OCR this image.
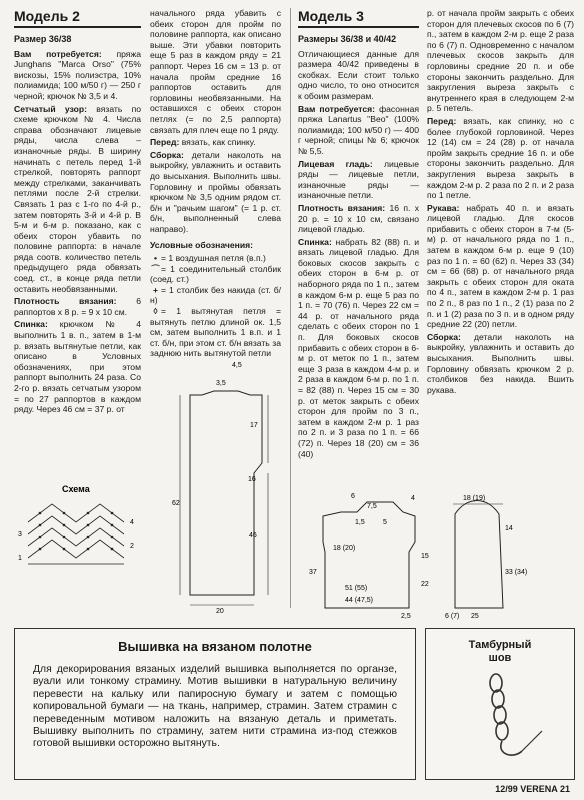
Модель 2
Размер 36/38

Вам потребуется: пряжа Junghans "Marca Orso" (75% вискозы, 15% полиэстра, 10% полиамида; 100 м/50 г) — 250 г черной; крючок № 3,5 и 4.

Сетчатый узор: вязать по схеме крючком № 4. Числа справа обозначают лицевые ряды, числа слева – изнаночные ряды. В ширину начинать с петель перед 1-й стрелкой, повторять раппорт между стрелками, заканчивать петлями после 2-й стрелки. Связать 1 раз с 1-го по 4-й р., затем повторять 3-й и 4-й р. В 5-м и 6-м р. показано, как с обеих сторон убавить по половине раппорта: в начале ряда соотв. количество петель предыдущего ряда обвязать соед. ст., в конце ряда петли оставить необвязанными.

Плотность вязания: 6 раппортов х 8 р. = 9 х 10 см.

Спинка: крючком № 4 выполнить 1 в. п., затем в 1-м р. вязать вытянутые петли, как описано в Условных обозначениях, при этом раппорт выполнить 24 раза. Со 2-го р. вязать сетчатым узором = по 27 раппортов в каждом ряду. Через 46 см = 37 р. от

начального ряда убавить с обеих сторон для пройм по половине раппорта, как описано выше. Эти убавки повторить еще 5 раз в каждом ряду = 21 раппорт. Через 16 см = 13 р. от начала пройм средние 16 раппортов оставить для горловины необвязанными. На оставшихся с обеих сторон петлях (= по 2,5 раппорта) связать для плеч еще по 1 ряду.

Перед: вязать, как спинку.

Сборка: детали наколоть на выкройку, увлажнить и оставить до высыхания. Выполнить швы. Горловину и проймы обвязать крючком № 3,5 одним рядом ст. б/н и "рачьим шагом" (= 1 р. ст. б/н, выполненный слева направо).

Условные обозначения:
• = 1 воздушная петля (в.п.)
⌒= 1 соединительный столбик (соед. ст.)
+ = 1 столбик без накида (ст. б/н)
◊ = 1 вытянутая петля = вытянуть петлю длиной ок. 1,5 см, затем выполнить 1 в.п. и 1 ст. б/н, при этом ст. б/н вязать за заднюю нить вытянутой петли
Модель 3
Размеры 36/38 и 40/42

Отличающиеся данные для размера 40/42 приведены в скобках. Если стоит только одно число, то оно относится к обоим размерам.

Вам потребуется: фасонная пряжа Lanartus "Beo" (100% полиамида; 100 м/50 г) — 400 г черной; спицы № 6; крючок № 5,5.

Лицевая гладь: лицевые ряды — лицевые петли, изнаночные ряды — изнаночные петли.

Плотность вязания: 16 п. х 20 р. = 10 х 10 см, связано лицевой гладью.

Спинка: набрать 82 (88) п. и вязать лицевой гладью. Для боковых скосов закрыть с обеих сторон в 6-м р. от наборного ряда по 1 п., затем в каждом 6-м р. еще 5 раз по 1 п. = 70 (76) п. Через 22 см = 44 р. от начального ряда сделать с обеих сторон по 1 п. Для боковых скосов прибавить с обеих сторон в 6-м р. от меток по 1 п., затем еще 3 раза в каждом 4-м р. и 2 раза в каждом 6-м р. по 1 п. = 82 (88) п. Через 15 см = 30 р. от меток закрыть с обеих сторон для пройм по 3 п., затем в каждом 2-м р. 1 раз по 2 п. и 3 раза по 1 п. = 66 (72) п. Через 18 (20) см = 36 (40)

р. от начала пройм закрыть с обеих сторон для плечевых скосов по 6 (7) п., затем в каждом 2-м р. еще 2 раза по 6 (7) п. Одновременно с началом плечевых скосов закрыть для горловины средние 20 п. и обе стороны закончить раздельно. Для закругления выреза закрыть с внутреннего края в следующем 2-м р. 5 петель.

Перед: вязать, как спинку, но с более глубокой горловиной. Через 12 (14) см = 24 (28) р. от начала пройм закрыть средние 16 п. и обе стороны закончить раздельно. Для закругления выреза закрыть в каждом 2-м р. 2 раза по 2 п. и 2 раза по 1 петле.

Рукава: набрать 40 п. и вязать лицевой гладью. Для скосов прибавить с обеих сторон в 7-м (5-м) р. от начального ряда по 1 п., затем в каждом 6-м р. еще 9 (10) раз по 1 п. = 60 (62) п. Через 33 (34) см = 66 (68) р. от начального ряда закрыть с обеих сторон для оката по 4 п., затем в каждом 2-м р. 1 раз по 2 п., 8 раз по 1 п., 2 (1) раза по 2 п. и 1 (2) раза по 3 п. и в одном ряду средние 22 (20) петли.

Сборка: детали наколоть на выкройку, увлажнить и оставить до высыхания. Выполнить швы. Горловину обвязать крючком 2 р. столбиков без накида. Вшить рукава.

Схема
4
2
3
1
3,5
4,5
17
62
16
46
20
6
7,5
4
1,5	5
18 (20)
37
15
22
51 (55)
44 (47,5)
18 (19)
14
33 (34)
6 (7) 25
2,5
Вышивка на вязаном полотне
Для декорирования вязаных изделий вышивка выполняется по органзе, вуали или тонкому страмину. Мотив вышивки в натуральную величину перевести на кальку или папиросную бумагу и затем с помощью копировальной бумаги — на ткань, например, страмин. Затем страмин с переведенным мотивом наложить на вязаную деталь и приметать. Вышивку выполнить по страмину, затем нити страмина из-под стежков готовой вышивки осторожно вытянуть.
Тамбурный
шов
12/99 VERENA 21
